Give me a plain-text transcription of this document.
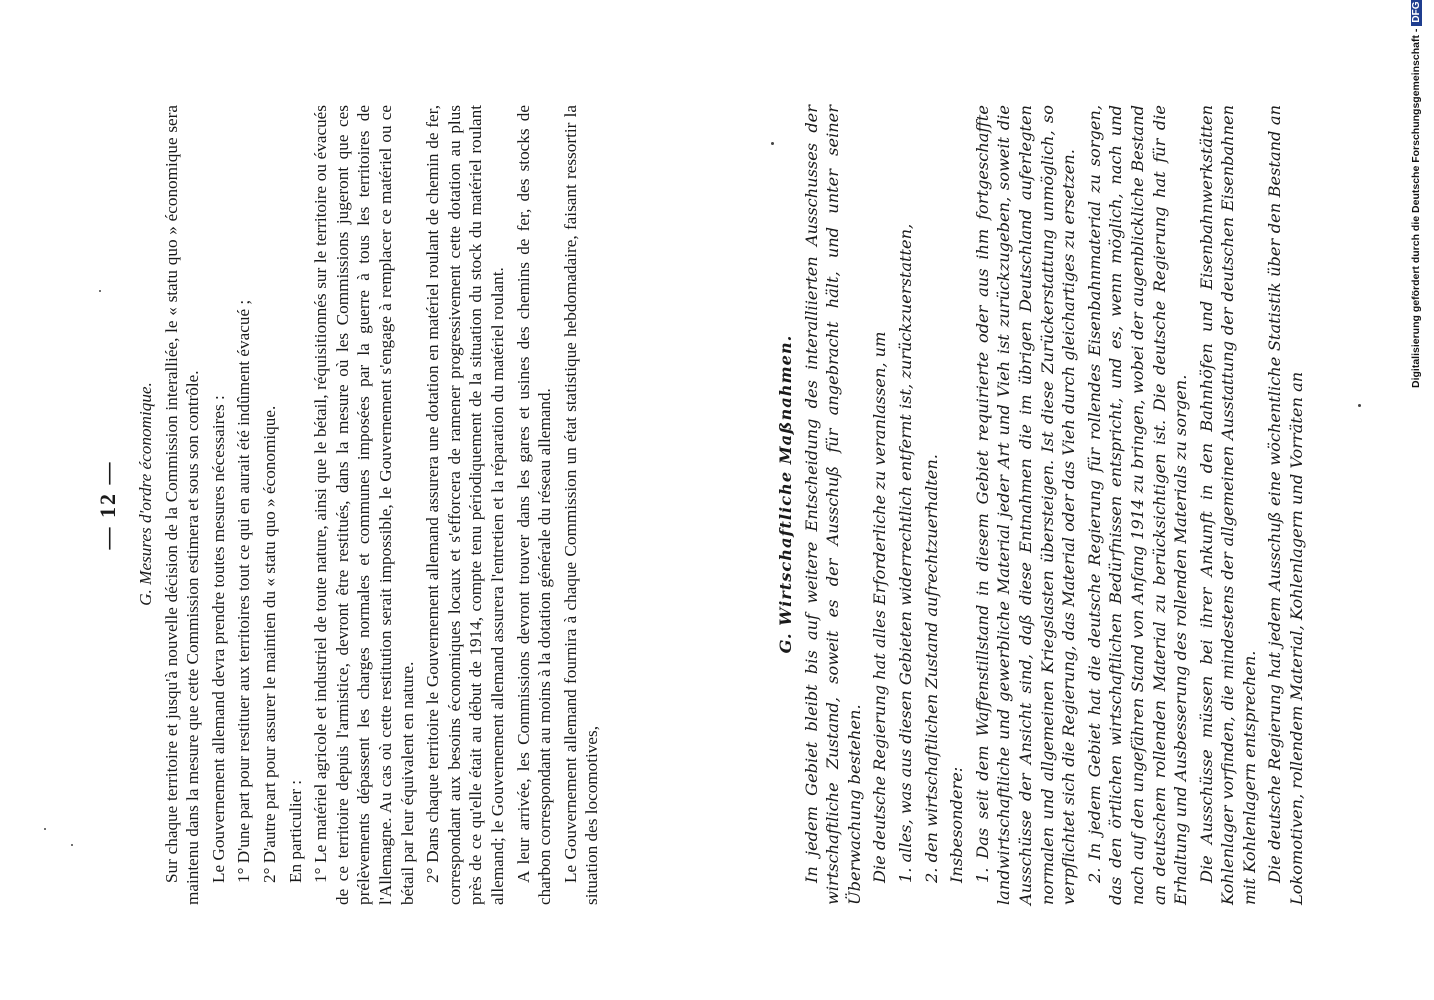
— 12 — G. Mesures d'ordre économique. Sur chaque territoire et jusqu'à nouvelle décision de la Commission interalliée, le « statu quo » économique sera maintenu dans la mesure que cette Commission estimera et sous son contrôle. Le Gouvernement allemand devra prendre toutes mesures nécessaires : 1° D'une part pour restituer aux territoires tout ce qui en aurait été indûment évacué ; 2° D'autre part pour assurer le maintien du « statu quo » économique. En particulier : 1° Le matériel agricole et industriel de toute nature, ainsi que le bétail, réquisitionnés sur le territoire ou évacués de ce territoire depuis l'armistice, devront être restitués, dans la mesure où les Commissions jugeront que ces prélèvements dépassent les charges normales et communes imposées par la guerre à tous les territoires de l'Allemagne. Au cas où cette restitution serait impossible, le Gouvernement s'engage à remplacer ce matériel ou ce bétail par leur équivalent en nature. 2° Dans chaque territoire le Gouvernement allemand assurera une dotation en matériel roulant de chemin de fer, correspondant aux besoins économiques locaux et s'efforcera de ramener progressivement cette dotation au plus près de ce qu'elle était au début de 1914, compte tenu périodiquement de la situation du stock du matériel roulant allemand; le Gouvernement allemand assurera l'entretien et la réparation du matériel roulant. A leur arrivée, les Commissions devront trouver dans les gares et usines des chemins de fer, des stocks de charbon correspondant au moins à la dotation générale du réseau allemand. Le Gouvernement allemand fournira à chaque Commission un état statistique hebdomadaire, faisant ressortir la situation des locomotives,

G. Wirtschaftliche Maßnahmen. In jedem Gebiet bleibt bis auf weitere Entscheidung des interalliierten Ausschusses der wirtschaftliche Zustand, soweit es der Ausschuß für angebracht hält, und unter seiner Überwachung bestehen. Die deutsche Regierung hat alles Erforderliche zu veranlassen, um 1. alles, was aus diesen Gebieten widerrechtlich entfernt ist, zurückzuerstatten, 2. den wirtschaftlichen Zustand aufrechtzuerhalten. Insbesondere: 1. Das seit dem Waffenstillstand in diesem Gebiet requirierte oder aus ihm fortgeschaffte landwirtschaftliche und gewerbliche Material jeder Art und Vieh ist zurückzugeben, soweit die Ausschüsse der Ansicht sind, daß diese Entnahmen die im übrigen Deutschland auferlegten normalen und allgemeinen Kriegslasten übersteigen. Ist diese Zurückerstattung unmöglich, so verpflichtet sich die Regierung, das Material oder das Vieh durch gleichartiges zu ersetzen. 2. In jedem Gebiet hat die deutsche Regierung für rollendes Eisenbahnmaterial zu sorgen, das den örtlichen wirtschaftlichen Bedürfnissen entspricht, und es, wenn möglich, nach und nach auf den ungefähren Stand von Anfang 1914 zu bringen, wobei der augenblickliche Bestand an deutschem rollenden Material zu berücksichtigen ist. Die deutsche Regierung hat für die Erhaltung und Ausbesserung des rollenden Materials zu sorgen. Die Ausschüsse müssen bei ihrer Ankunft in den Bahnhöfen und Eisenbahnwerkstätten Kohlenlager vorfinden, die mindestens der allgemeinen Ausstattung der deutschen Eisenbahnen mit Kohlenlagern entsprechen. Die deutsche Regierung hat jedem Ausschuß eine wöchentliche Statistik über den Bestand an Lokomotiven, rollendem Material, Kohlenlagern und Vorräten an

Digitalisierung gefördert durch die Deutsche Forschungsgemeinschaft -DFG
